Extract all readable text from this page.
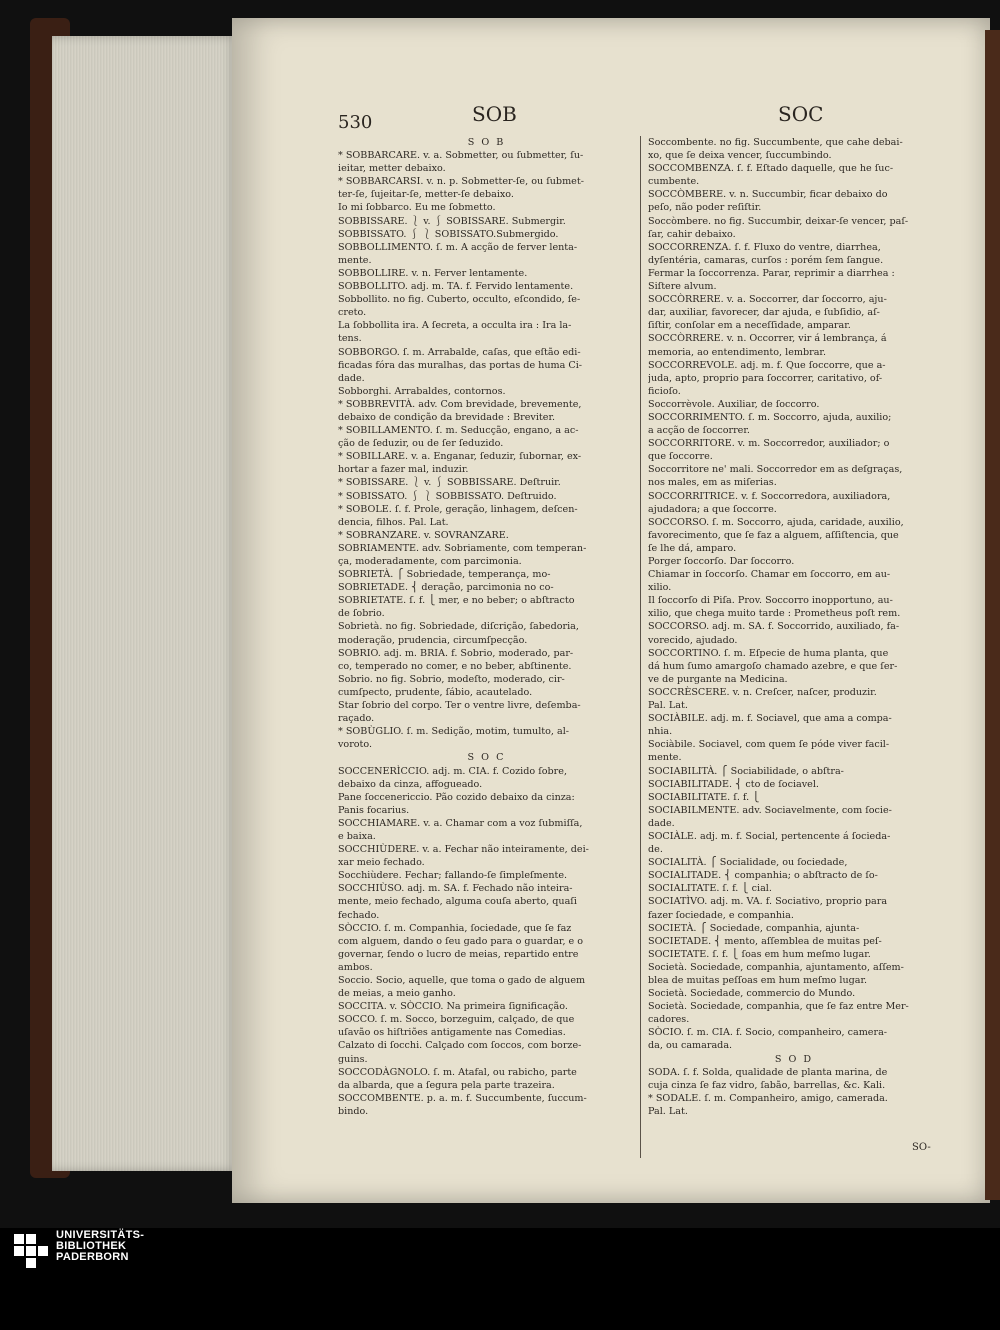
530	SOB	SOC
S O B
* SOBBARCARE. v. a. Sobmetter, ou ſubmetter, ſu-
ieitar, metter debaixo.
* SOBBARCARSI. v. n. p. Sobmetter-ſe, ou ſubmet-
ter-ſe, ſujeitar-ſe, metter-ſe debaixo.
Io mi ſobbarco. Eu me ſobmetto.
SOBBISSARE. ⎱ v. ⎰ SOBISSARE. Submergir.
SOBBISSATO. ⎰ ⎱ SOBISSATO.Submergido.
SOBBOLLIMENTO. ſ. m. A acção de ferver lenta-
mente.
SOBBOLLIRE. v. n. Ferver lentamente.
SOBBOLLITO. adj. m. TA. f. Fervido lentamente.
Sobbollito. no fig. Cuberto, occulto, eſcondido, ſe-
creto.
La ſobbollita ira. A ſecreta, a occulta ira : Ira la-
tens.
SOBBORGO. ſ. m. Arrabalde, caſas, que eſtão edi-
ficadas fóra das muralhas, das portas de huma Ci-
dade.
Sobborghi. Arrabaldes, contornos.
* SOBBREVITÀ. adv. Com brevidade, brevemente,
debaixo de condição da brevidade : Breviter.
* SOBILLAMENTO. ſ. m. Seducção, engano, a ac-
ção de ſeduzir, ou de ſer ſeduzido.
* SOBILLARE. v. a. Enganar, ſeduzir, ſubornar, ex-
hortar a fazer mal, induzir.
* SOBISSARE. ⎱ v. ⎰ SOBBISSARE. Deſtruir.
* SOBISSATO. ⎰ ⎱ SOBBISSATO. Deſtruido.
* SOBOLE. ſ. f. Prole, geração, linhagem, deſcen-
dencia, filhos. Pal. Lat.
* SOBRANZARE. v. SOVRANZARE.
SOBRIAMENTE. adv. Sobriamente, com temperan-
ça, moderadamente, com parcimonia.
SOBRIETÀ. ⎧ Sobriedade, temperança, mo-
SOBRIETADE. ⎨ deração, parcimonia no co-
SOBRIETATE. ſ. f. ⎩ mer, e no beber; o abſtracto
de ſobrio.
Sobrietà. no fig. Sobriedade, diſcrição, ſabedoria,
moderação, prudencia, circumſpecção.
SOBRIO. adj. m. BRIA. f. Sobrio, moderado, par-
co, temperado no comer, e no beber, abſtinente.
Sobrio. no fig. Sobrio, modeſto, moderado, cir-
cumſpecto, prudente, ſábio, acautelado.
Star ſobrio del corpo. Ter o ventre livre, deſemba-
raçado.
* SOBÙGLIO. ſ. m. Sedição, motim, tumulto, al-
voroto.
S O C
SOCCENERÌCCIO. adj. m. CIA. f. Cozido ſobre,
debaixo da cinza, affogueado.
Pane ſoccenericcio. Pão cozido debaixo da cinza:
Panis focarius.
SOCCHIAMARE. v. a. Chamar com a voz ſubmiſſa,
e baixa.
SOCCHIÙDERE. v. a. Fechar não inteiramente, dei-
xar meio fechado.
Socchiùdere. Fechar; fallando-ſe ſimpleſmente.
SOCCHIÙSO. adj. m. SA. f. Fechado não inteira-
mente, meio fechado, alguma couſa aberto, quaſi
fechado.
SÒCCIO. ſ. m. Companhia, ſociedade, que ſe faz
com alguem, dando o ſeu gado para o guardar, e o
governar, ſendo o lucro de meias, repartido entre
ambos.
Soccio. Socio, aquelle, que toma o gado de alguem
de meias, a meio ganho.
SOCCITA. v. SÒCCIO. Na primeira ſignificação.
SOCCO. ſ. m. Socco, borzeguim, calçado, de que
uſavão os hiſtriões antigamente nas Comedias.
Calzato di ſocchi. Calçado com ſoccos, com borze-
guins.
SOCCODÀGNOLO. ſ. m. Atafal, ou rabicho, parte
da albarda, que a ſegura pela parte trazeira.
SOCCOMBENTE. p. a. m. f. Succumbente, ſuccum-
bindo.
Soccombente. no fig. Succumbente, que cahe debai-
xo, que ſe deixa vencer, ſuccumbindo.
SOCCOMBENZA. ſ. f. Eſtado daquelle, que he ſuc-
cumbente.
SOCCÒMBERE. v. n. Succumbir, ficar debaixo do
peſo, não poder reſiſtir.
Soccòmbere. no fig. Succumbir, deixar-ſe vencer, paſ-
ſar, cahir debaixo.
SOCCORRENZA. ſ. f. Fluxo do ventre, diarrhea,
dyſentéria, camaras, curſos : porém ſem ſangue.
Fermar la ſoccorrenza. Parar, reprimir a diarrhea :
Siſtere alvum.
SOCCÒRRERE. v. a. Soccorrer, dar ſoccorro, aju-
dar, auxiliar, favorecer, dar ajuda, e ſubſidio, aſ-
ſiſtir, conſolar em a neceſſidade, amparar.
SOCCÒRRERE. v. n. Occorrer, vir á lembrança, á
memoria, ao entendimento, lembrar.
SOCCORREVOLE. adj. m. f. Que ſoccorre, que a-
juda, apto, proprio para ſoccorrer, caritativo, of-
ficioſo.
Soccorrèvole. Auxiliar, de ſoccorro.
SOCCORRIMENTO. ſ. m. Soccorro, ajuda, auxilio;
a acção de ſoccorrer.
SOCCORRITORE. v. m. Soccorredor, auxiliador; o
que ſoccorre.
Soccorritore ne' mali. Soccorredor em as deſgraças,
nos males, em as miſerias.
SOCCORRITRICE. v. f. Soccorredora, auxiliadora,
ajudadora; a que ſoccorre.
SOCCORSO. ſ. m. Soccorro, ajuda, caridade, auxilio,
favorecimento, que ſe faz a alguem, aſſiſtencia, que
ſe lhe dá, amparo.
Porger ſoccorſo. Dar ſoccorro.
Chiamar in ſoccorſo. Chamar em ſoccorro, em au-
xilio.
Il ſoccorſo di Piſa. Prov. Soccorro inopportuno, au-
xilio, que chega muito tarde : Prometheus poſt rem.
SOCCORSO. adj. m. SA. f. Soccorrido, auxiliado, fa-
vorecido, ajudado.
SOCCORTINO. ſ. m. Eſpecie de huma planta, que
dá hum ſumo amargoſo chamado azebre, e que ſer-
ve de purgante na Medicina.
SOCCRÈSCERE. v. n. Creſcer, naſcer, produzir.
Pal. Lat.
SOCIÀBILE. adj. m. f. Sociavel, que ama a compa-
nhia.
Sociàbile. Sociavel, com quem ſe póde viver facil-
mente.
SOCIABILITÀ. ⎧ Sociabilidade, o abſtra-
SOCIABILITADE. ⎨ cto de ſociavel.
SOCIABILITATE. ſ. f. ⎩
SOCIABILMENTE. adv. Sociavelmente, com ſocie-
dade.
SOCIÀLE. adj. m. f. Social, pertencente á ſocieda-
de.
SOCIALITÀ. ⎧ Socialidade, ou ſociedade,
SOCIALITADE. ⎨ companhia; o abſtracto de ſo-
SOCIALITATE. ſ. f. ⎩ cial.
SOCIATÌVO. adj. m. VA. f. Sociativo, proprio para
fazer ſociedade, e companhia.
SOCIETÀ. ⎧ Sociedade, companhia, ajunta-
SOCIETADE. ⎨ mento, aſſemblea de muitas peſ-
SOCIETATE. ſ. f. ⎩ ſoas em hum meſmo lugar.
Società. Sociedade, companhia, ajuntamento, aſſem-
blea de muitas peſſoas em hum meſmo lugar.
Società. Sociedade, commercio do Mundo.
Società. Sociedade, companhia, que ſe faz entre Mer-
cadores.
SÒCIO. ſ. m. CIA. f. Socio, companheiro, camera-
da, ou camarada.
S O D
SODA. ſ. f. Solda, qualidade de planta marina, de
cuja cinza ſe faz vidro, ſabão, barrellas, &c. Kali.
* SODALE. ſ. m. Companheiro, amigo, camerada.
Pal. Lat.
SO-
UNIVERSITÄTS-
BIBLIOTHEK
PADERBORN
